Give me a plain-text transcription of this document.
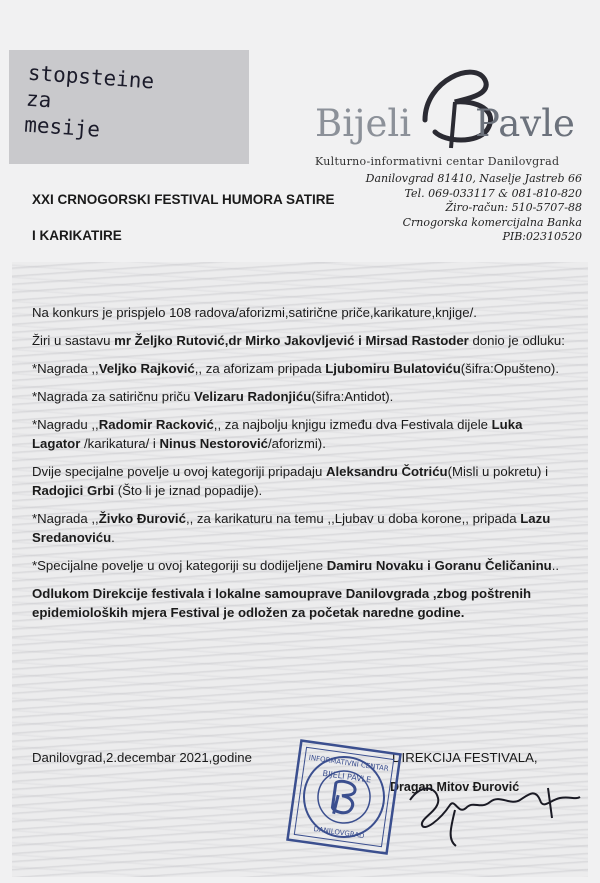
stopsteine
za
mesije	Bijeli Pavle
Kulturno-informativni centar Danilovgrad
Danilovgrad 81410, Naselje Jastreb 66
Tel. 069-033117 & 081-810-820
Žiro-račun: 510-5707-88
Crnogorska komercijalna Banka
PIB:02310520
XXI CRNOGORSKI FESTIVAL HUMORA SATIRE
I KARIKATIRE

Na konkurs je prispjelo 108 radova/aforizmi,satirične priče,karikature,knjige/.

Žiri u sastavu mr Željko Rutović,dr Mirko Jakovljević i Mirsad Rastoder donio je odluku:

*Nagrada ,,Veljko Rajković,, za aforizam pripada Ljubomiru Bulatoviću(šifra:Opušteno).

*Nagrada za satiričnu priču Velizaru Radonjiću(šifra:Antidot).

*Nagradu ,,Radomir Racković,, za najbolju knjigu između dva Festivala dijele Luka Lagator /karikatura/ i Ninus Nestorović/aforizmi).

Dvije specijalne povelje u ovoj kategoriji pripadaju Aleksandru Čotriću(Misli u pokretu) i Radojici Grbi (Što li je iznad popadije).

*Nagrada ,,Živko Đurović,, za karikaturu na temu ,,Ljubav u doba korone,, pripada Lazu Sredanoviću.

*Specijalne povelje u ovoj kategoriji su dodijeljene Damiru Novaku i Goranu Čeličaninu..

Odlukom Direkcije festivala i lokalne samouprave Danilovgrada ,zbog poštrenih epidemioloških mjera Festival je odložen za početak naredne godine.

Danilovgrad,2.decembar 2021,godine	DIREKCIJA FESTIVALA,
Dragan Mitov Đurović
INFORMATIVNI CENTAR
BIJELI PAVLE
DANILOVGRAD
